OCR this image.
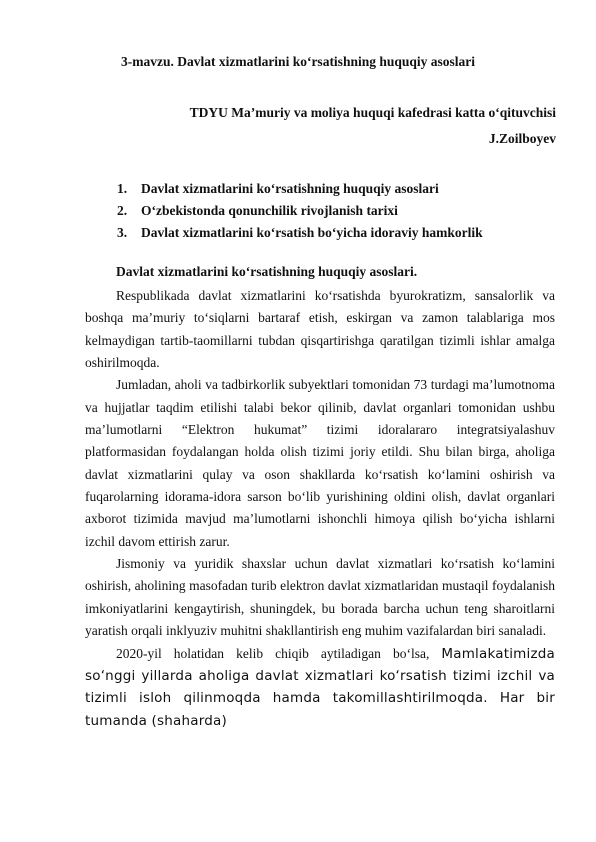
3-mavzu. Davlat xizmatlarini ko‘rsatishning huquqiy asoslari
TDYU Ma’muriy va moliya huquqi kafedrasi katta o‘qituvchisi
J.Zoilboyev
1. Davlat xizmatlarini ko‘rsatishning huquqiy asoslari
2. O‘zbekistonda qonunchilik rivojlanish tarixi
3. Davlat xizmatlarini ko‘rsatish bo‘yicha idoraviy hamkorlik
Davlat xizmatlarini ko‘rsatishning huquqiy asoslari.

Respublikada davlat xizmatlarini ko‘rsatishda byurokratizm, sansalorlik va boshqa ma’muriy to‘siqlarni bartaraf etish, eskirgan va zamon talablariga mos kelmaydigan tartib-taomillarni tubdan qisqartirishga qaratilgan tizimli ishlar amalga oshirilmoqda.

Jumladan, aholi va tadbirkorlik subyektlari tomonidan 73 turdagi ma’lumotnoma va hujjatlar taqdim etilishi talabi bekor qilinib, davlat organlari tomonidan ushbu ma’lumotlarni “Elektron hukumat” tizimi idoralararo integratsiyalashuv platformasidan foydalangan holda olish tizimi joriy etildi. Shu bilan birga, aholiga davlat xizmatlarini qulay va oson shakllarda ko‘rsatish ko‘lamini oshirish va fuqarolarning idorama-idora sarson bo‘lib yurishining oldini olish, davlat organlari axborot tizimida mavjud ma’lumotlarni ishonchli himoya qilish bo‘yicha ishlarni izchil davom ettirish zarur.

Jismoniy va yuridik shaxslar uchun davlat xizmatlari ko‘rsatish ko‘lamini oshirish, aholining masofadan turib elektron davlat xizmatlaridan mustaqil foydalanish imkoniyatlarini kengaytirish, shuningdek, bu borada barcha uchun teng sharoitlarni yaratish orqali inklyuziv muhitni shakllantirish eng muhim vazifalardan biri sanaladi.

2020-yil holatidan kelib chiqib aytiladigan bo‘lsa, Mamlakatimizda so‘nggi yillarda aholiga davlat xizmatlari ko‘rsatish tizimi izchil va tizimli isloh qilinmoqda hamda takomillashtirilmoqda. Har bir tumanda (shaharda)
